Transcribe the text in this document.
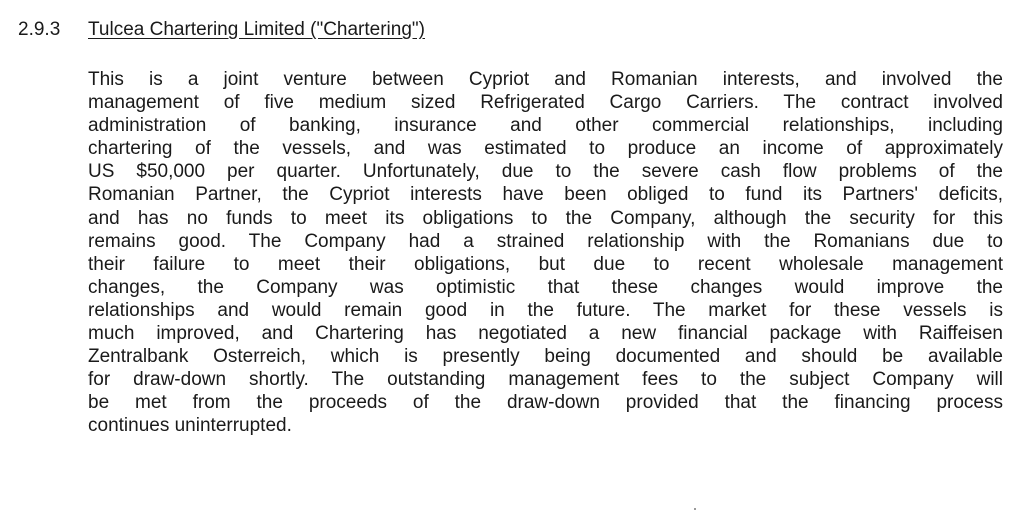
2.9.3 Tulcea Chartering Limited ("Chartering")
This is a joint venture between Cypriot and Romanian interests, and involved the
management of five medium sized Refrigerated Cargo Carriers. The contract involved
administration of banking, insurance and other commercial relationships, including
chartering of the vessels, and was estimated to produce an income of approximately
US $50,000 per quarter. Unfortunately, due to the severe cash flow problems of the
Romanian Partner, the Cypriot interests have been obliged to fund its Partners' deficits,
and has no funds to meet its obligations to the Company, although the security for this
remains good. The Company had a strained relationship with the Romanians due to
their failure to meet their obligations, but due to recent wholesale management
changes, the Company was optimistic that these changes would improve the
relationships and would remain good in the future. The market for these vessels is
much improved, and Chartering has negotiated a new financial package with Raiffeisen
Zentralbank Osterreich, which is presently being documented and should be available
for draw-down shortly. The outstanding management fees to the subject Company will
be met from the proceeds of the draw-down provided that the financing process
continues uninterrupted.
